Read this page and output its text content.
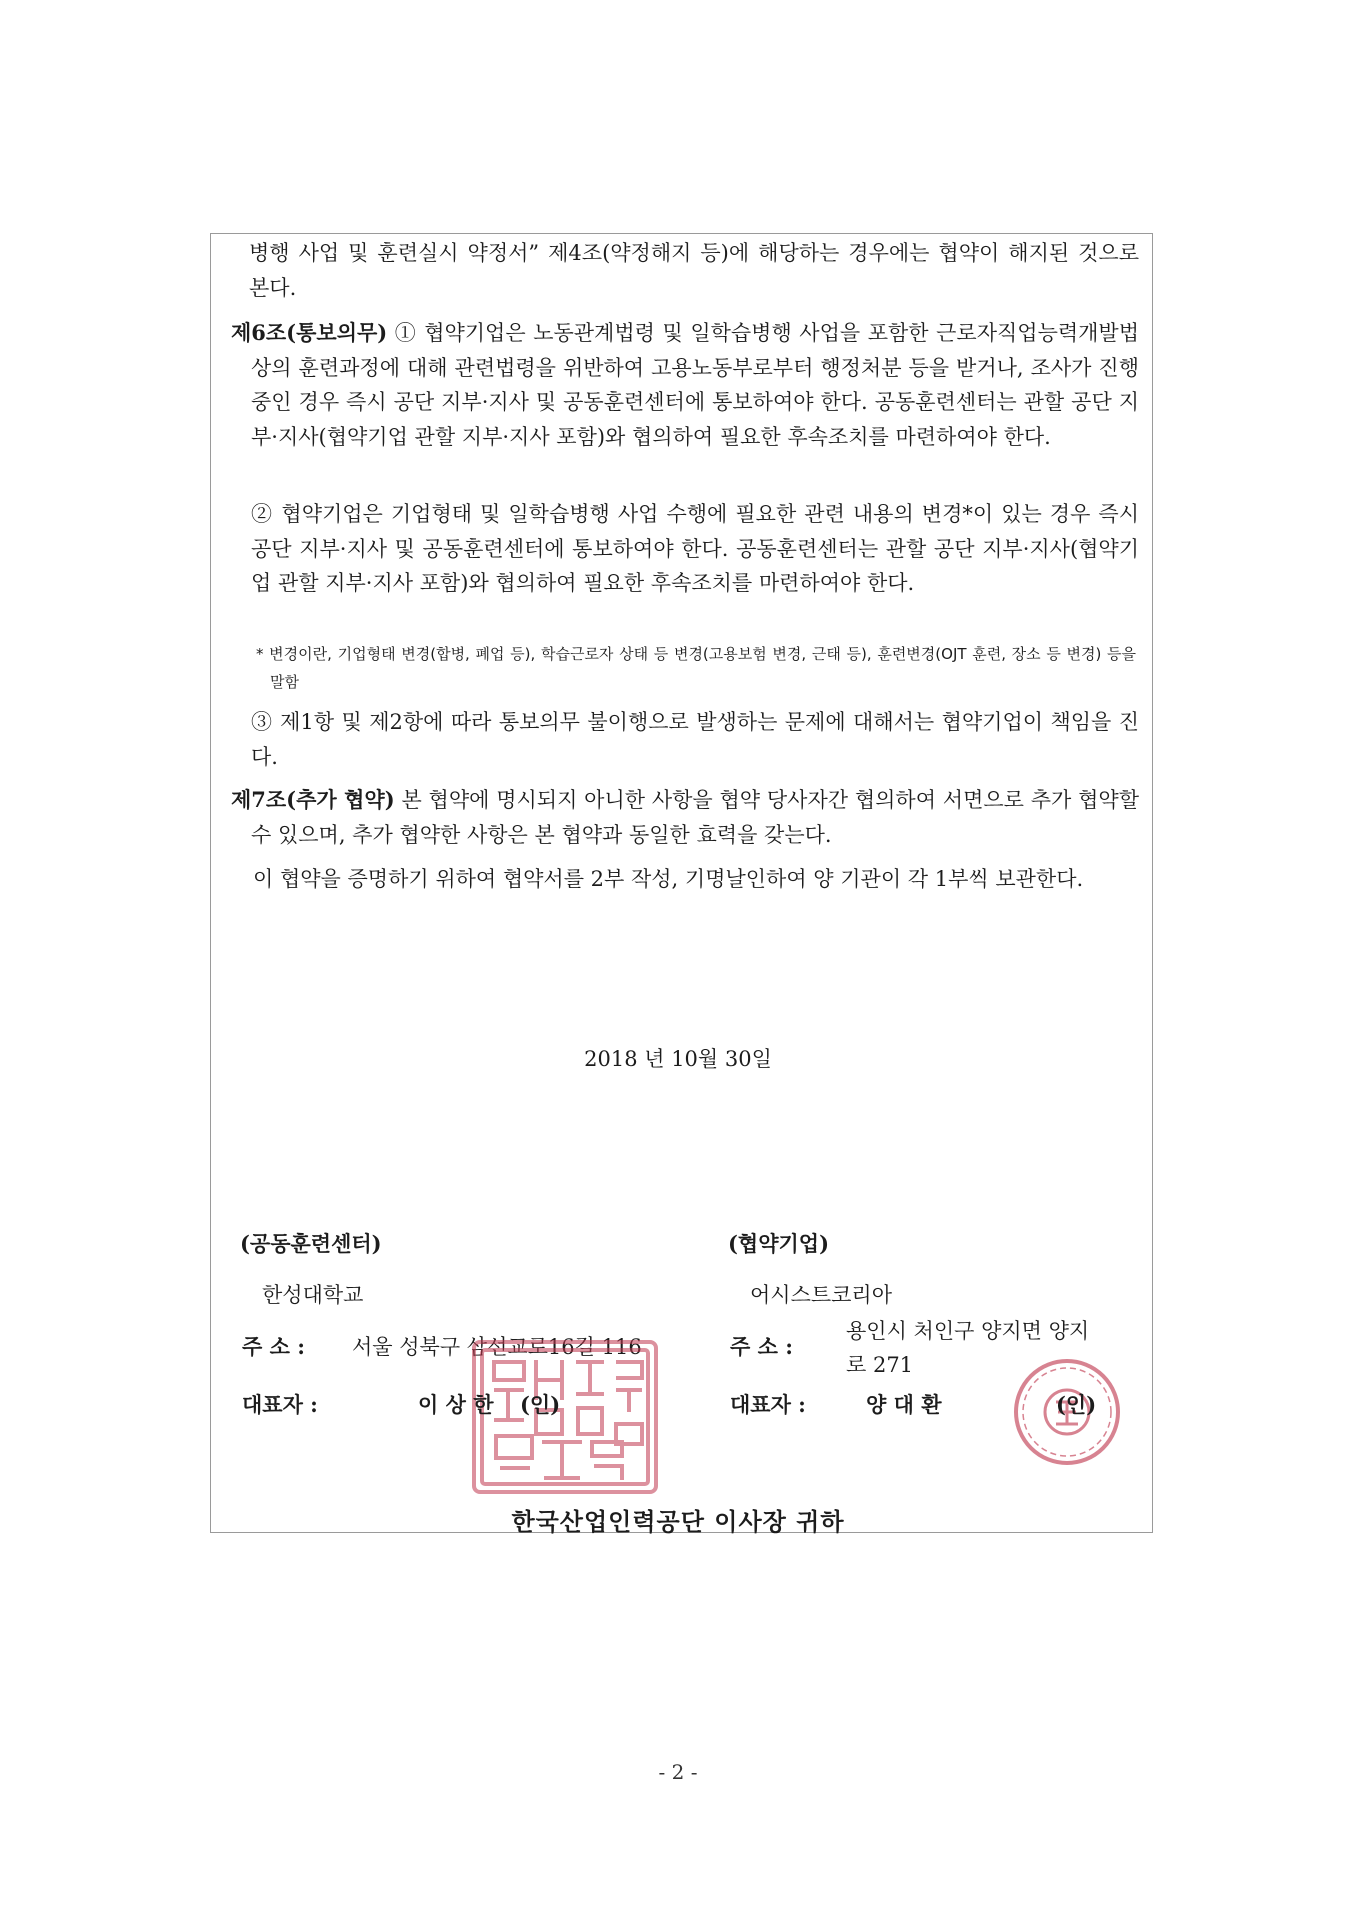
병행 사업 및 훈련실시 약정서” 제4조(약정해지 등)에 해당하는 경우에는 협약이 해지된 것으로 본다.

제6조(통보의무) ① 협약기업은 노동관계법령 및 일학습병행 사업을 포함한 근로자직업능력개발법 상의 훈련과정에 대해 관련법령을 위반하여 고용노동부로부터 행정처분 등을 받거나, 조사가 진행 중인 경우 즉시 공단 지부·지사 및 공동훈련센터에 통보하여야 한다. 공동훈련센터는 관할 공단 지부·지사(협약기업 관할 지부·지사 포함)와 협의하여 필요한 후속조치를 마련하여야 한다.

② 협약기업은 기업형태 및 일학습병행 사업 수행에 필요한 관련 내용의 변경*이 있는 경우 즉시 공단 지부·지사 및 공동훈련센터에 통보하여야 한다. 공동훈련센터는 관할 공단 지부·지사(협약기업 관할 지부·지사 포함)와 협의하여 필요한 후속조치를 마련하여야 한다.

* 변경이란, 기업형태 변경(합병, 폐업 등), 학습근로자 상태 등 변경(고용보험 변경, 근태 등), 훈련변경(OJT 훈련, 장소 등 변경) 등을 말함

③ 제1항 및 제2항에 따라 통보의무 불이행으로 발생하는 문제에 대해서는 협약기업이 책임을 진다.

제7조(추가 협약) 본 협약에 명시되지 아니한 사항을 협약 당사자간 협의하여 서면으로 추가 협약할 수 있으며, 추가 협약한 사항은 본 협약과 동일한 효력을 갖는다.

이 협약을 증명하기 위하여 협약서를 2부 작성, 기명날인하여 양 기관이 각 1부씩 보관한다.

2018 년 10월 30일
(공동훈련센터)
한성대학교
주 소 : 서울 성북구 삼선교로16길 116
대표자 :	이 상 한 (인)
(협약기업)
어시스트코리아
주 소 :
용인시 처인구 양지면 양지
로 271
대표자 :	양 대 환	(인)
한국산업인력공단 이사장 귀하
- 2 -
